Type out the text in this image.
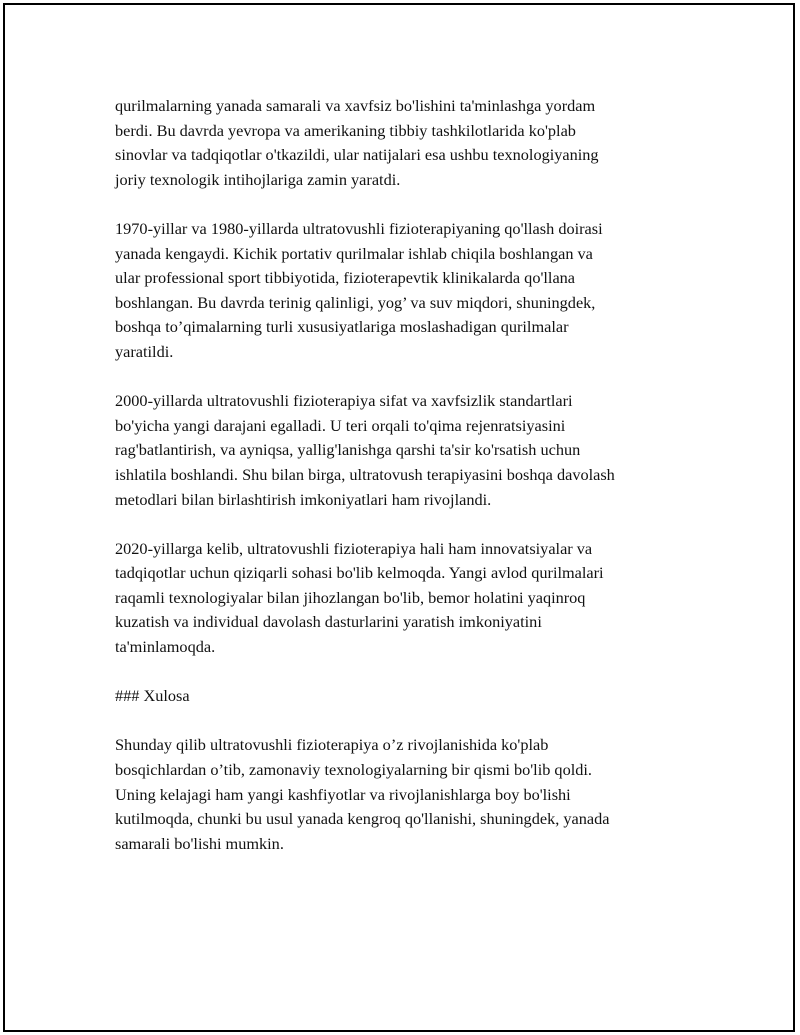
qurilmalarning yanada samarali va xavfsiz bo'lishini ta'minlashga yordam
berdi. Bu davrda yevropa va amerikaning tibbiy tashkilotlarida ko'plab
sinovlar va tadqiqotlar o'tkazildi, ular natijalari esa ushbu texnologiyaning
joriy texnologik intihojlariga zamin yaratdi.

1970-yillar va 1980-yillarda ultratovushli fizioterapiyaning qo'llash doirasi
yanada kengaydi. Kichik portativ qurilmalar ishlab chiqila boshlangan va
ular professional sport tibbiyotida, fizioterapevtik klinikalarda qo'llana
boshlangan. Bu davrda terinig qalinligi, yog’ va suv miqdori, shuningdek,
boshqa to’qimalarning turli xususiyatlariga moslashadigan qurilmalar
yaratildi.

2000-yillarda ultratovushli fizioterapiya sifat va xavfsizlik standartlari
bo'yicha yangi darajani egalladi. U teri orqali to'qima rejenratsiyasini
rag'batlantirish, va ayniqsa, yallig'lanishga qarshi ta'sir ko'rsatish uchun
ishlatila boshlandi. Shu bilan birga, ultratovush terapiyasini boshqa davolash
metodlari bilan birlashtirish imkoniyatlari ham rivojlandi.

2020-yillarga kelib, ultratovushli fizioterapiya hali ham innovatsiyalar va
tadqiqotlar uchun qiziqarli sohasi bo'lib kelmoqda. Yangi avlod qurilmalari
raqamli texnologiyalar bilan jihozlangan bo'lib, bemor holatini yaqinroq
kuzatish va individual davolash dasturlarini yaratish imkoniyatini
ta'minlamoqda.

### Xulosa

Shunday qilib ultratovushli fizioterapiya o’z rivojlanishida ko'plab
bosqichlardan o’tib, zamonaviy texnologiyalarning bir qismi bo'lib qoldi.
Uning kelajagi ham yangi kashfiyotlar va rivojlanishlarga boy bo'lishi
kutilmoqda, chunki bu usul yanada kengroq qo'llanishi, shuningdek, yanada
samarali bo'lishi mumkin.
